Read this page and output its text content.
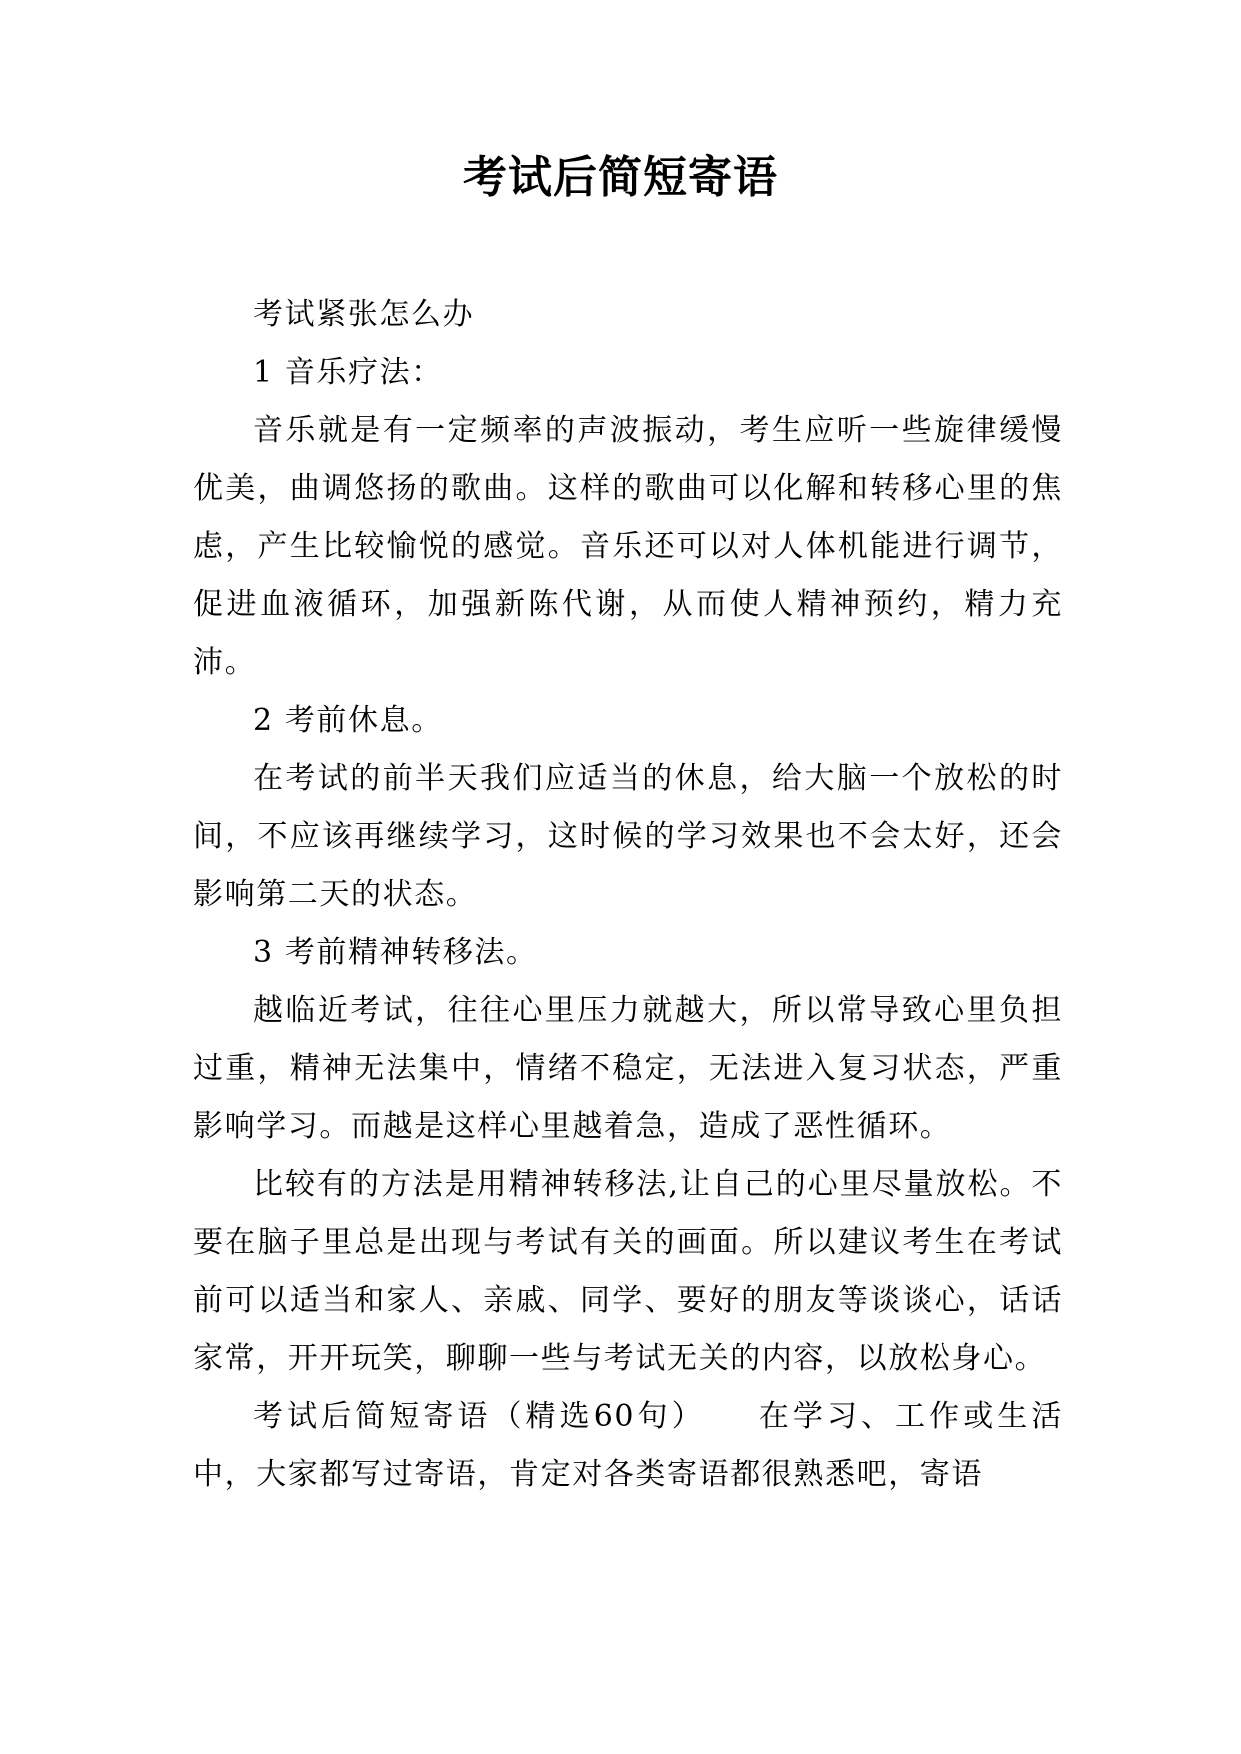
考试后简短寄语

考试紧张怎么办

1 音乐疗法：

音乐就是有一定频率的声波振动，考生应听一些旋律缓慢优美，曲调悠扬的歌曲。这样的歌曲可以化解和转移心里的焦虑，产生比较愉悦的感觉。音乐还可以对人体机能进行调节，促进血液循环，加强新陈代谢，从而使人精神预约，精力充沛。

2 考前休息。

在考试的前半天我们应适当的休息，给大脑一个放松的时间，不应该再继续学习，这时候的学习效果也不会太好，还会影响第二天的状态。

3 考前精神转移法。

越临近考试，往往心里压力就越大，所以常导致心里负担过重，精神无法集中，情绪不稳定，无法进入复习状态，严重影响学习。而越是这样心里越着急，造成了恶性循环。

比较有的方法是用精神转移法,让自己的心里尽量放松。不要在脑子里总是出现与考试有关的画面。所以建议考生在考试前可以适当和家人、亲戚、同学、要好的朋友等谈谈心，话话家常，开开玩笑，聊聊一些与考试无关的内容，以放松身心。

考试后简短寄语（精选60句）　　在学习、工作或生活中，大家都写过寄语，肯定对各类寄语都很熟悉吧，寄语
